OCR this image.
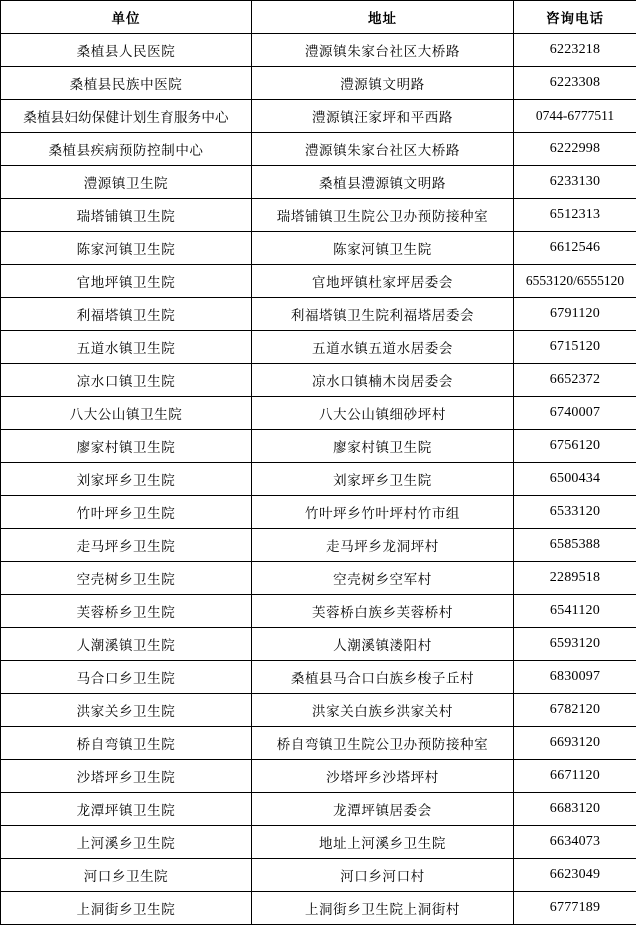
单位	地址	咨询电话
桑植县人民医院	澧源镇朱家台社区大桥路	6223218
桑植县民族中医院	澧源镇文明路	6223308
桑植县妇幼保健计划生育服务中心	澧源镇汪家坪和平西路	0744-6777511
桑植县疾病预防控制中心	澧源镇朱家台社区大桥路	6222998
澧源镇卫生院	桑植县澧源镇文明路	6233130
瑞塔铺镇卫生院	瑞塔铺镇卫生院公卫办预防接种室	6512313
陈家河镇卫生院	陈家河镇卫生院	6612546
官地坪镇卫生院	官地坪镇杜家坪居委会	6553120/6555120
利福塔镇卫生院	利福塔镇卫生院利福塔居委会	6791120
五道水镇卫生院	五道水镇五道水居委会	6715120
凉水口镇卫生院	凉水口镇楠木岗居委会	6652372
八大公山镇卫生院	八大公山镇细砂坪村	6740007
廖家村镇卫生院	廖家村镇卫生院	6756120
刘家坪乡卫生院	刘家坪乡卫生院	6500434
竹叶坪乡卫生院	竹叶坪乡竹叶坪村竹市组	6533120
走马坪乡卫生院	走马坪乡龙洞坪村	6585388
空壳树乡卫生院	空壳树乡空军村	2289518
芙蓉桥乡卫生院	芙蓉桥白族乡芙蓉桥村	6541120
人潮溪镇卫生院	人潮溪镇溇阳村	6593120
马合口乡卫生院	桑植县马合口白族乡梭子丘村	6830097
洪家关乡卫生院	洪家关白族乡洪家关村	6782120
桥自弯镇卫生院	桥自弯镇卫生院公卫办预防接种室	6693120
沙塔坪乡卫生院	沙塔坪乡沙塔坪村	6671120
龙潭坪镇卫生院	龙潭坪镇居委会	6683120
上河溪乡卫生院	地址上河溪乡卫生院	6634073
河口乡卫生院	河口乡河口村	6623049
上洞街乡卫生院	上洞街乡卫生院上洞街村	6777189
